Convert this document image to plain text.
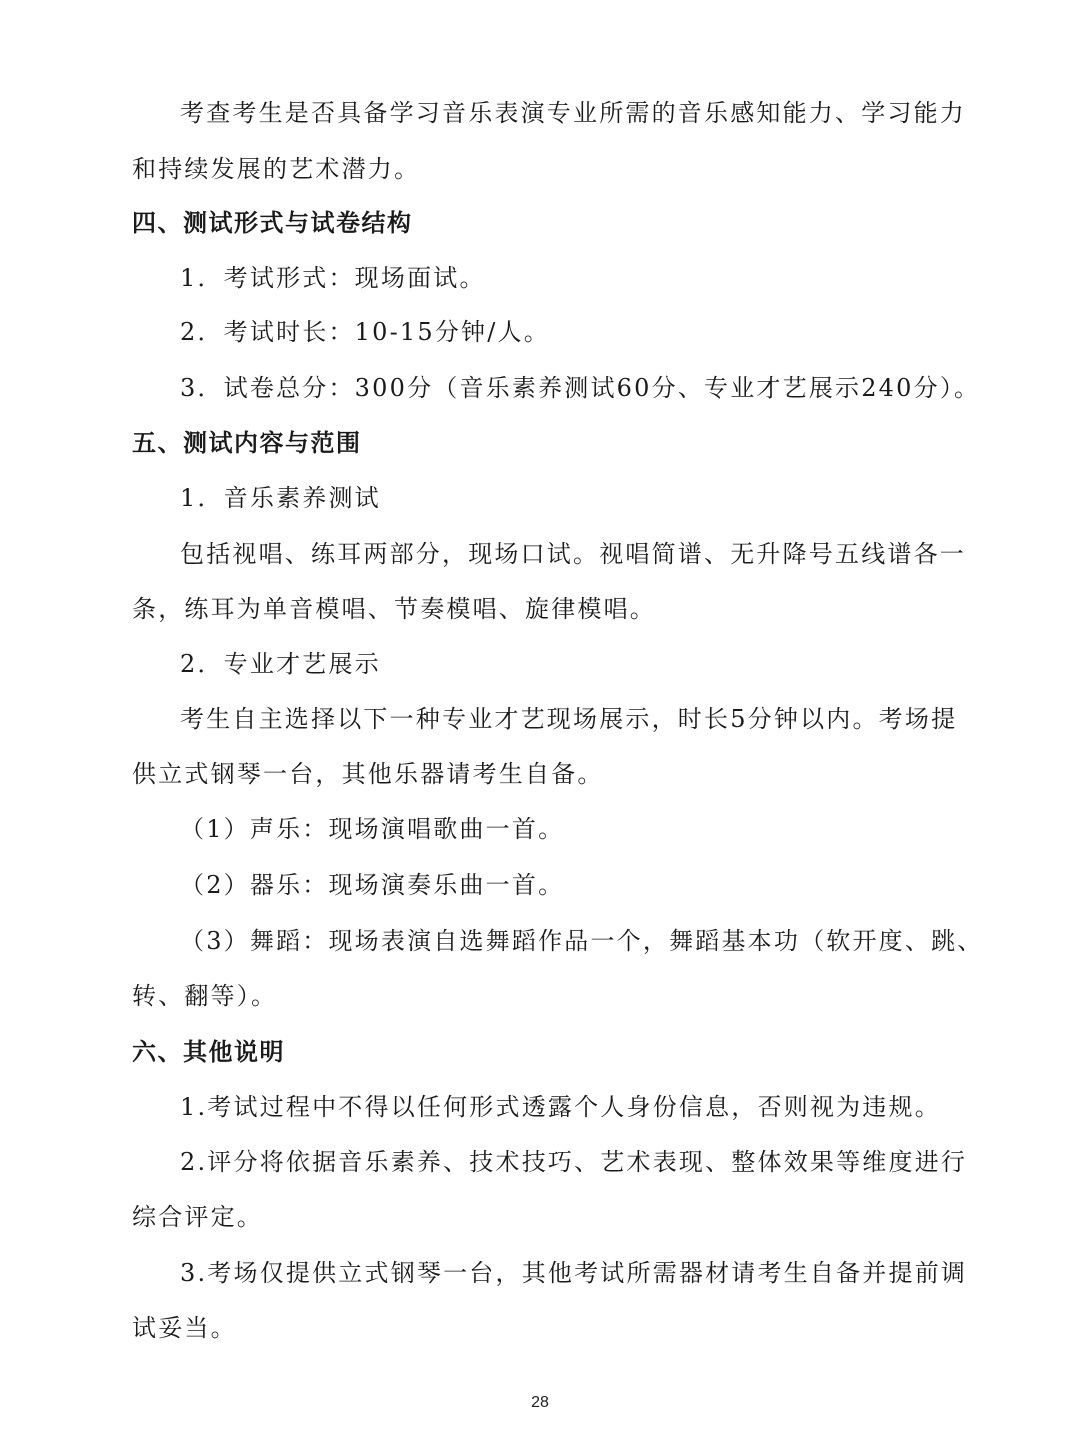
考查考生是否具备学习音乐表演专业所需的音乐感知能力、学习能力
和持续发展的艺术潜力。
四、测试形式与试卷结构
1．考试形式：现场面试。
2．考试时长：10-15分钟/人。
3．试卷总分：300分（音乐素养测试60分、专业才艺展示240分）。
五、测试内容与范围
1．音乐素养测试
包括视唱、练耳两部分，现场口试。视唱简谱、无升降号五线谱各一
条，练耳为单音模唱、节奏模唱、旋律模唱。
2．专业才艺展示
考生自主选择以下一种专业才艺现场展示，时长5分钟以内。考场提
供立式钢琴一台，其他乐器请考生自备。
（1）声乐：现场演唱歌曲一首。
（2）器乐：现场演奏乐曲一首。
（3）舞蹈：现场表演自选舞蹈作品一个，舞蹈基本功（软开度、跳、
转、翻等）。
六、其他说明
1.考试过程中不得以任何形式透露个人身份信息，否则视为违规。
2.评分将依据音乐素养、技术技巧、艺术表现、整体效果等维度进行
综合评定。
3.考场仅提供立式钢琴一台，其他考试所需器材请考生自备并提前调
试妥当。
28
